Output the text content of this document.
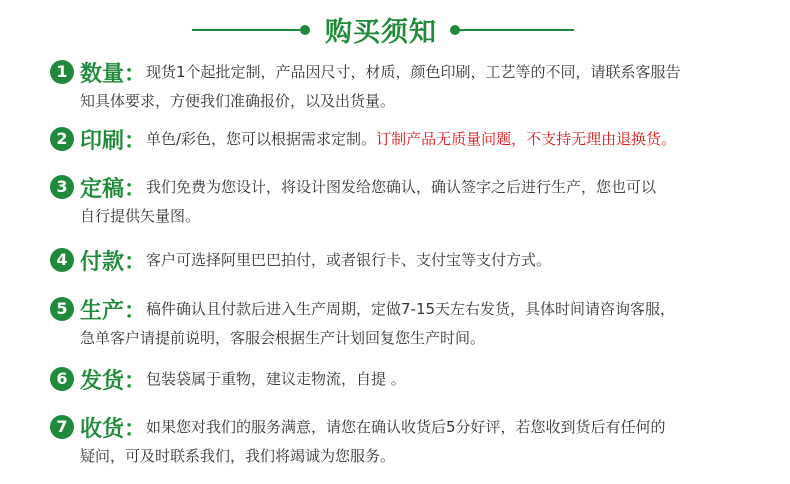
购买须知
1 数量： 现货1个起批定制，产品因尺寸，材质，颜色印刷，工艺等的不同，请联系客服告
知具体要求，方便我们准确报价，以及出货量。
2 印刷： 单色/彩色，您可以根据需求定制。订制产品无质量问题，不支持无理由退换货。
3 定稿： 我们免费为您设计，将设计图发给您确认，确认签字之后进行生产，您也可以
自行提供矢量图。
4 付款： 客户可选择阿里巴巴拍付，或者银行卡、支付宝等支付方式。
5 生产： 稿件确认且付款后进入生产周期，定做7-15天左右发货，具体时间请咨询客服，
急单客户请提前说明，客服会根据生产计划回复您生产时间。
6 发货： 包装袋属于重物，建议走物流，自提 。
7 收货： 如果您对我们的服务满意，请您在确认收货后5分好评，若您收到货后有任何的
疑问，可及时联系我们，我们将竭诚为您服务。
